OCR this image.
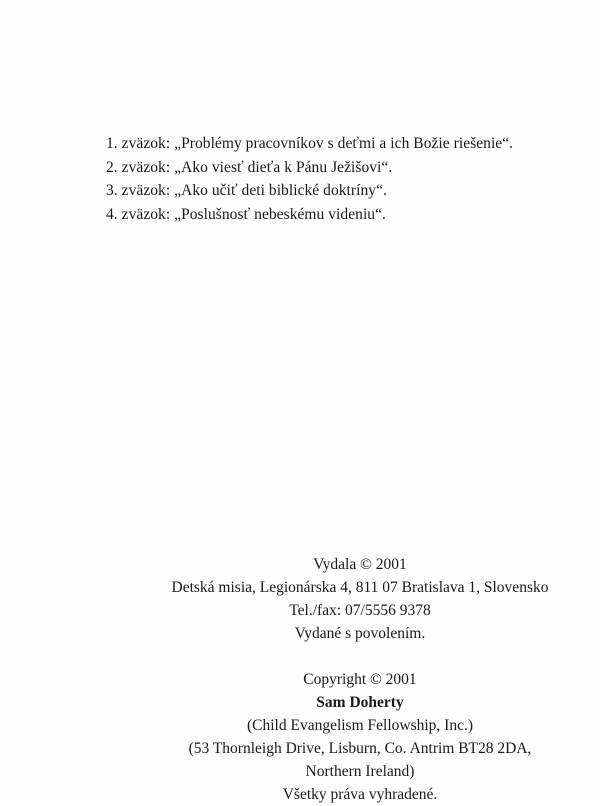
1. zväzok: „Problémy pracovníkov s deťmi a ich Božie riešenie“.
2. zväzok: „Ako viesť dieťa k Pánu Ježišovi“.
3. zväzok: „Ako učiť deti biblické doktríny“.
4. zväzok: „Poslušnosť nebeskému videniu“.

Vydala © 2001

Detská misia, Legionárska 4, 811 07 Bratislava 1, Slovensko

Tel./fax: 07/5556 9378

Vydané s povolením.

Copyright © 2001

Sam Doherty

(Child Evangelism Fellowship, Inc.)

(53 Thornleigh Drive, Lisburn, Co. Antrim BT28 2DA,

Northern Ireland)

Všetky práva vyhradené.
